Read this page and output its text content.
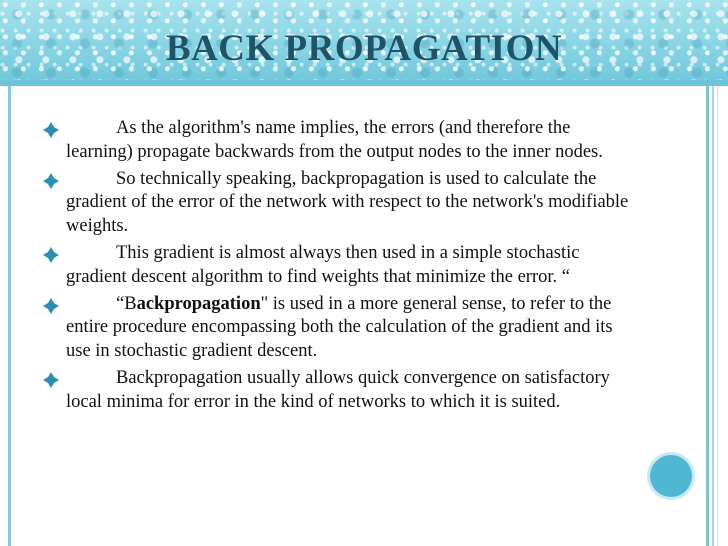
BACK PROPAGATION
As the algorithm's name implies, the errors (and therefore the learning) propagate backwards from the output nodes to the inner nodes.
So technically speaking, backpropagation is used to calculate the gradient of the error of the network with respect to the network's modifiable weights.
This gradient is almost always then used in a simple stochastic gradient descent algorithm to find weights that minimize the error. “
“Backpropagation" is used in a more general sense, to refer to the entire procedure encompassing both the calculation of the gradient and its use in stochastic gradient descent.
Backpropagation usually allows quick convergence on satisfactory local minima for error in the kind of networks to which it is suited.
